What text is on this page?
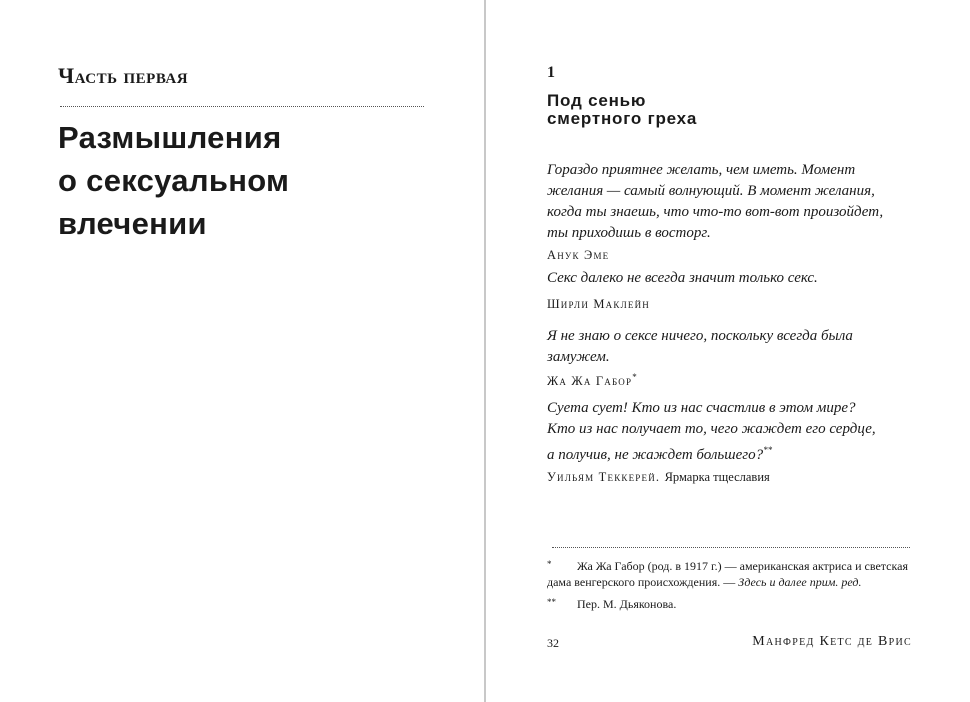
Часть первая
Размышления
о сексуальном
влечении
1
Под сенью
смертного греха
Гораздо приятнее желать, чем иметь. Момент
желания — самый волнующий. В момент желания,
когда ты знаешь, что что-то вот-вот произойдет,
ты приходишь в восторг.
Анук Эме
Секс далеко не всегда значит только секс.
Ширли Маклейн
Я не знаю о сексе ничего, поскольку всегда была
замужем.
Жа Жа Габор*
Суета сует! Кто из нас счастлив в этом мире?
Кто из нас получает то, чего жаждет его сердце,
а получив, не жаждет большего?**
Уильям Теккерей. Ярмарка тщеславия
*	Жа Жа Габор (род. в 1917 г.) — американская актриса и светская
дама венгерского происхождения. — Здесь и далее прим. ред.
**	Пер. М. Дьяконова.
32	Манфред Кетс де Врис
